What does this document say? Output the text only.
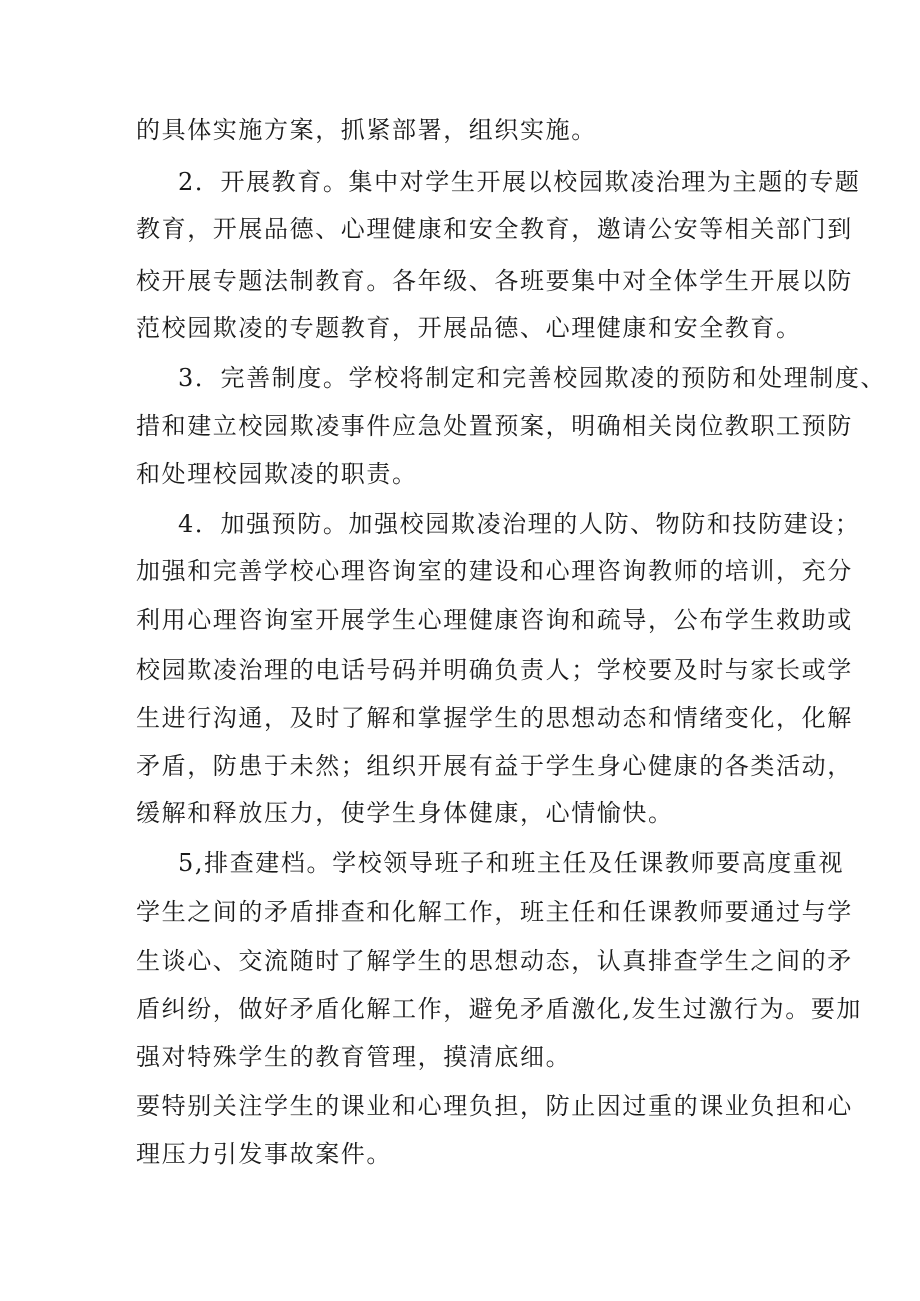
的具体实施方案，抓紧部署，组织实施。
2．开展教育。集中对学生开展以校园欺凌治理为主题的专题
教育，开展品德、心理健康和安全教育，邀请公安等相关部门到
校开展专题法制教育。各年级、各班要集中对全体学生开展以防
范校园欺凌的专题教育，开展品德、心理健康和安全教育。
3．完善制度。学校将制定和完善校园欺凌的预防和处理制度、
措和建立校园欺凌事件应急处置预案，明确相关岗位教职工预防
和处理校园欺凌的职责。
4．加强预防。加强校园欺凌治理的人防、物防和技防建设；
加强和完善学校心理咨询室的建设和心理咨询教师的培训，充分
利用心理咨询室开展学生心理健康咨询和疏导，公布学生救助或
校园欺凌治理的电话号码并明确负责人；学校要及时与家长或学
生进行沟通，及时了解和掌握学生的思想动态和情绪变化，化解
矛盾，防患于未然；组织开展有益于学生身心健康的各类活动，
缓解和释放压力，使学生身体健康，心情愉快。
5,排查建档。学校领导班子和班主任及任课教师要高度重视
学生之间的矛盾排查和化解工作，班主任和任课教师要通过与学
生谈心、交流随时了解学生的思想动态，认真排查学生之间的矛
盾纠纷，做好矛盾化解工作，避免矛盾激化,发生过激行为。要加
强对特殊学生的教育管理，摸清底细。
要特别关注学生的课业和心理负担，防止因过重的课业负担和心
理压力引发事故案件。
